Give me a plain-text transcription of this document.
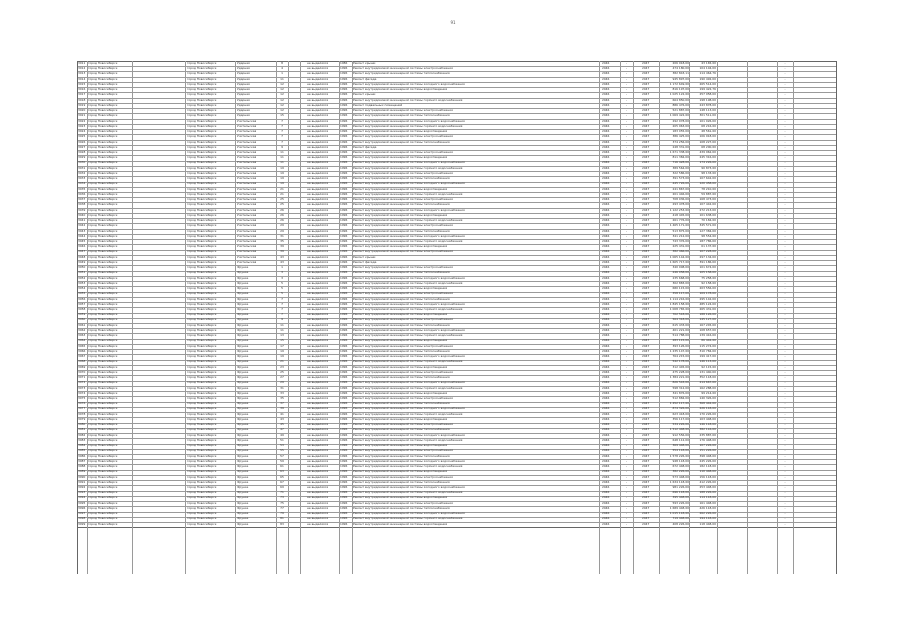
91
3011 город Новосибирск	город Новосибирск	Ударная	8	не выделялся	1986	Ремонт крыши	2046	-	2047	206 918,00	43 165,00	-
3012 город Новосибирск	город Новосибирск	Ударная	4	не выделялся	1996	Ремонт внутридомовой инженерной системы электроснабжения	2046	-	2047	474 180,00	104 104,00	-
3013 город Новосибирск	город Новосибирск	Ударная	1	не выделялся	1996	Ремонт внутридомовой инженерной системы теплоснабжения	2046	-	2047	382 843,11	114 464,76	-
3014 город Новосибирск	город Новосибирск	Ударная	11	не выделялся	1996	Ремонт фасада	2046	-	2047	945 897,00	190 492,00	-
3015 город Новосибирск	город Новосибирск	Ударная	12	не выделялся	1996	Ремонт внутридомовой инженерной системы холодного водоснабжения	2046	-	2047	1 172 649,00	265 514,00	-
3016 город Новосибирск	город Новосибирск	Ударная	12	не выделялся	1996	Ремонт внутридомовой инженерной системы водоотведения	2046	-	2047	816 197,00	199 422,76	-
3017 город Новосибирск	город Новосибирск	Ударная	12	не выделялся	1996	Ремонт крыши	2046	-	2047	1 025 122,00	257 958,00	-
3018 город Новосибирск	город Новосибирск	Ударная	12	не выделялся	1996	Ремонт внутридомовой инженерной системы горячего водоснабжения	2046	-	2047	664 850,00	198 198,00	-
3019 город Новосибирск	город Новосибирск	Ударная	12	не выделялся	1996	Ремонт подвальных помещений	2046	-	2047	886 476,00	243 878,00	-
3020 город Новосибирск	город Новосибирск	Ударная	12	не выделялся	1996	Ремонт внутридомовой инженерной системы электроснабжения	2046	-	2047	521 887,00	148 113,00	-
3021 город Новосибирск	город Новосибирск	Ударная	15	не выделялся	1996	Ремонт внутридомовой инженерной системы теплоснабжения	2046	-	2047	1 069 422,00	301 511,00	-
3022 город Новосибирск	город Новосибирск	Учительская	7	не выделялся	1996	Ремонт внутридомовой инженерной системы холодного водоснабжения	2046	-	2047	292 078,00	101 026,00	-
3023 город Новосибирск	город Новосибирск	Учительская	7	не выделялся	1996	Ремонт внутридомовой инженерной системы горячего водоснабжения	2046	-	2047	205 963,00	68 216,00	-
3024 город Новосибирск	город Новосибирск	Учительская	7	не выделялся	1996	Ремонт внутридомовой инженерной системы водоотведения	2046	-	2047	183 055,00	48 561,00	-
3025 город Новосибирск	город Новосибирск	Учительская	7	не выделялся	1996	Ремонт внутридомовой инженерной системы электроснабжения	2046	-	2047	386 425,00	106 918,00	-
3026 город Новосибирск	город Новосибирск	Учительская	7	не выделялся	1996	Ремонт внутридомовой инженерной системы теплоснабжения	2046	-	2047	374 256,00	108 227,00	-
3027 город Новосибирск	город Новосибирск	Учительская	9	не выделялся	1996	Ремонт фасада	2046	-	2047	248 331,00	68 200,00	-
3028 город Новосибирск	город Новосибирск	Учительская	11	не выделялся	1996	Ремонт внутридомовой инженерной системы электроснабжения	2046	-	2047	1 671 338,00	439 962,00	-
3029 город Новосибирск	город Новосибирск	Учительская	11	не выделялся	1996	Ремонт внутридомовой инженерной системы водоотведения	2046	-	2047	811 384,00	245 316,00	-
3030 город Новосибирск	город Новосибирск	Учительская	11	не выделялся	1996	Ремонт внутридомовой инженерной системы холодного водоснабжения	2046	-	2047	716 428,00	174 226,00	-
3031 город Новосибирск	город Новосибирск	Учительская	19	не выделялся	1996	Ремонт внутридомовой инженерной системы горячего водоснабжения	2046	-	2047	389 564,00	90 873,00	-
3032 город Новосибирск	город Новосибирск	Учительская	19	не выделялся	1996	Ремонт внутридомовой инженерной системы электроснабжения	2046	-	2047	322 586,00	98 133,00	-
3033 город Новосибирск	город Новосибирск	Учительская	19	не выделялся	1996	Ремонт внутридомовой инженерной системы теплоснабжения	2046	-	2047	391 573,00	107 642,00	-
3034 город Новосибирск	город Новосибирск	Учительская	19	не выделялся	1996	Ремонт внутридомовой инженерной системы холодного водоснабжения	2046	-	2047	445 726,00	120 458,00	-
3035 город Новосибирск	город Новосибирск	Учительская	21	не выделялся	1996	Ремонт внутридомовой инженерной системы водоотведения	2046	-	2047	241 867,00	78 210,00	-
3036 город Новосибирск	город Новосибирск	Учительская	21	не выделялся	1996	Ремонт внутридомовой инженерной системы горячего водоснабжения	2046	-	2047	201 446,00	59 887,00	-
3037 город Новосибирск	город Новосибирск	Учительская	25	не выделялся	1996	Ремонт внутридомовой инженерной системы электроснабжения	2046	-	2047	708 036,00	168 473,00	-
3038 город Новосибирск	город Новосибирск	Учительская	25	не выделялся	1996	Ремонт внутридомовой инженерной системы теплоснабжения	2046	-	2047	293 478,00	107 442,00	-
3039 город Новосибирск	город Новосибирск	Учительская	26	не выделялся	1996	Ремонт внутридомовой инженерной системы холодного водоснабжения	2046	-	2047	1 122 253,00	272 213,00	-
3040 город Новосибирск	город Новосибирск	Учительская	26	не выделялся	1996	Ремонт внутридомовой инженерной системы водоотведения	2046	-	2047	418 445,00	101 638,00	-
3041 город Новосибирск	город Новосибирск	Учительская	26	не выделялся	1996	Ремонт внутридомовой инженерной системы горячего водоснабжения	2046	-	2047	261 776,00	70 184,00	-
3042 город Новосибирск	город Новосибирск	Учительская	29	не выделялся	1996	Ремонт внутридомовой инженерной системы электроснабжения	2046	-	2047	1 465 171,00	345 571,00	-
3043 город Новосибирск	город Новосибирск	Учительская	29	не выделялся	1996	Ремонт внутридомовой инженерной системы теплоснабжения	2046	-	2047	513 875,00	127 384,00	-
3044 город Новосибирск	город Новосибирск	Учительская	31	не выделялся	1996	Ремонт внутридомовой инженерной системы холодного водоснабжения	2046	-	2047	341 212,00	98 554,00	-
3045 город Новосибирск	город Новосибирск	Учительская	35	не выделялся	1996	Ремонт внутридомовой инженерной системы горячего водоснабжения	2046	-	2047	743 376,00	187 786,00	-
3046 город Новосибирск	город Новосибирск	Учительская	39	не выделялся	1996	Ремонт внутридомовой инженерной системы водоотведения	2046	-	2047	225 431,00	61 137,00	-
3047 город Новосибирск	город Новосибирск	Учительская	39	не выделялся	1996	Ремонт внутридомовой инженерной системы электроснабжения	2046	-	2047	382 466,00	107 228,00	-
3048 город Новосибирск	город Новосибирск	Учительская	43	не выделялся	1996	Ремонт крыши	2046	-	2047	1 065 144,00	297 134,00	-
3049 город Новосибирск	город Новосибирск	Учительская	43	не выделялся	1996	Ремонт фасада	2046	-	2047	1 605 717,00	391 186,00	-
3050 город Новосибирск	город Новосибирск	Фрунзе	1	не выделялся	1996	Ремонт внутридомовой инженерной системы электроснабжения	2046	-	2047	340 008,00	101 674,00	-
3051 город Новосибирск	город Новосибирск	Фрунзе	3	не выделялся	1996	Ремонт внутридомовой инженерной системы теплоснабжения	2046	-	2047	246 058,00	105 158,00	-
3052 город Новосибирск	город Новосибирск	Фрунзе	3	не выделялся	1996	Ремонт внутридомовой инженерной системы холодного водоснабжения	2046	-	2047	235 668,00	75 258,00	-
3053 город Новосибирск	город Новосибирск	Фрунзе	5	не выделялся	1996	Ремонт внутридомовой инженерной системы горячего водоснабжения	2046	-	2047	302 883,00	92 158,00	-
3054 город Новосибирск	город Новосибирск	Фрунзе	5	не выделялся	1996	Ремонт внутридомовой инженерной системы водоотведения	2046	-	2047	680 115,00	203 556,00	-
3055 город Новосибирск	город Новосибирск	Фрунзе	5	не выделялся	1996	Ремонт внутридомовой инженерной системы электроснабжения	2046	-	2047	358 117,00	109 178,00	-
3056 город Новосибирск	город Новосибирск	Фрунзе	7	не выделялся	1996	Ремонт внутридомовой инженерной системы теплоснабжения	2046	-	2047	1 114 216,00	295 142,00	-
3057 город Новосибирск	город Новосибирск	Фрунзе	7	не выделялся	1996	Ремонт внутридомовой инженерной системы холодного водоснабжения	2046	-	2047	1 845 158,00	485 124,00	-
3058 город Новосибирск	город Новосибирск	Фрунзе	7	не выделялся	1996	Ремонт внутридомовой инженерной системы горячего водоснабжения	2046	-	2047	1 008 765,00	265 431,00	-
3059 город Новосибирск	город Новосибирск	Фрунзе	7	не выделялся	1996	Ремонт внутридомовой инженерной системы водоотведения	2046	-	2047	702 518,00	188 126,00	-
3060 город Новосибирск	город Новосибирск	Фрунзе	9	не выделялся	1996	Ремонт внутридомовой инженерной системы электроснабжения	2046	-	2047	564 318,00	145 127,00	-
3061 город Новосибирск	город Новосибирск	Фрунзе	11	не выделялся	1996	Ремонт внутридомовой инженерной системы теплоснабжения	2046	-	2047	615 433,00	167 245,00	-
3062 город Новосибирск	город Новосибирск	Фрунзе	11	не выделялся	1996	Ремонт внутридомовой инженерной системы холодного водоснабжения	2046	-	2047	401 221,00	108 657,00	-
3063 город Новосибирск	город Новосибирск	Фрунзе	13	не выделялся	1996	Ремонт внутридомовой инженерной системы горячего водоснабжения	2046	-	2047	514 788,00	139 416,00	-
3064 город Новосибирск	город Новосибирск	Фрунзе	15	не выделялся	1996	Ремонт внутридомовой инженерной системы водоотведения	2046	-	2047	283 115,00	86 442,00	-
3065 город Новосибирск	город Новосибирск	Фрунзе	17	не выделялся	1996	Ремонт внутридомовой инженерной системы электроснабжения	2046	-	2047	393 126,00	115 274,00	-
3066 город Новосибирск	город Новосибирск	Фрунзе	19	не выделялся	1996	Ремонт внутридомовой инженерной системы теплоснабжения	2046	-	2047	1 235 147,00	310 784,00	-
3067 город Новосибирск	город Новосибирск	Фрунзе	19	не выделялся	1996	Ремонт внутридомовой инженерной системы холодного водоснабжения	2046	-	2047	764 215,00	199 417,00	-
3068 город Новосибирск	город Новосибирск	Фрунзе	21	не выделялся	1996	Ремонт внутридомовой инженерной системы горячего водоснабжения	2046	-	2047	542 178,00	146 113,00	-
3069 город Новосибирск	город Новосибирск	Фрунзе	23	не выделялся	1996	Ремонт внутридомовой инженерной системы водоотведения	2046	-	2047	312 445,00	92 115,00	-
3070 город Новосибирск	город Новосибирск	Фрунзе	25	не выделялся	1996	Ремонт внутридомовой инженерной системы электроснабжения	2046	-	2047	475 228,00	131 440,00	-
3071 город Новосибирск	город Новосибирск	Фрунзе	27	не выделялся	1996	Ремонт внутридомовой инженерной системы теплоснабжения	2046	-	2047	1 384 221,00	352 118,00	-
3072 город Новосибирск	город Новосибирск	Фрунзе	29	не выделялся	1996	Ремонт внутридомовой инженерной системы холодного водоснабжения	2046	-	2047	826 543,00	214 667,00	-
3073 город Новосибирск	город Новосибирск	Фрунзе	31	не выделялся	1996	Ремонт внутридомовой инженерной системы горячего водоснабжения	2046	-	2047	598 312,00	162 288,00	-
3074 город Новосибирск	город Новосибирск	Фрунзе	33	не выделялся	1996	Ремонт внутридомовой инженерной системы водоотведения	2046	-	2047	341 876,00	99 214,00	-
3075 город Новосибирск	город Новосибирск	Фрунзе	35	не выделялся	1996	Ремонт внутридомовой инженерной системы электроснабжения	2046	-	2047	512 884,00	140 326,00	-
3076 город Новосибирск	город Новосибирск	Фрунзе	37	не выделялся	1996	Ремонт внутридомовой инженерной системы теплоснабжения	2046	-	2047	1 452 117,00	368 442,00	-
3077 город Новосибирск	город Новосибирск	Фрунзе	39	не выделялся	1996	Ремонт внутридомовой инженерной системы холодного водоснабжения	2046	-	2047	874 326,00	226 118,00	-
3078 город Новосибирск	город Новосибирск	Фрунзе	41	не выделялся	1996	Ремонт внутридомовой инженерной системы горячего водоснабжения	2046	-	2047	623 418,00	170 226,00	-
3079 город Новосибирск	город Новосибирск	Фрунзе	43	не выделялся	1996	Ремонт внутридомовой инженерной системы водоотведения	2046	-	2047	356 117,00	103 448,00	-
3080 город Новосибирск	город Новосибирск	Фрунзе	45	не выделялся	1996	Ремонт внутридомовой инженерной системы электроснабжения	2046	-	2047	534 226,00	146 118,00	-
3081 город Новосибирск	город Новосибирск	Фрунзе	47	не выделялся	1996	Ремонт внутридомовой инженерной системы теплоснабжения	2046	-	2047	1 512 448,00	382 116,00	-
3082 город Новосибирск	город Новосибирск	Фрунзе	49	не выделялся	1996	Ремонт внутридомовой инженерной системы холодного водоснабжения	2046	-	2047	912 556,00	235 887,00	-
3083 город Новосибирск	город Новосибирск	Фрунзе	51	не выделялся	1996	Ремонт внутридомовой инженерной системы горячего водоснабжения	2046	-	2047	648 112,00	176 448,00	-
3084 город Новосибирск	город Новосибирск	Фрунзе	53	не выделялся	1996	Ремонт внутридомовой инженерной системы водоотведения	2046	-	2047	369 448,00	107 226,00	-
3085 город Новосибирск	город Новосибирск	Фрунзе	55	не выделялся	1996	Ремонт внутридомовой инженерной системы электроснабжения	2046	-	2047	554 118,00	151 226,00	-
3086 город Новосибирск	город Новосибирск	Фрунзе	57	не выделялся	1996	Ремонт внутридомовой инженерной системы теплоснабжения	2046	-	2047	1 578 226,00	398 448,00	-
3087 город Новосибирск	город Новосибирск	Фрунзе	59	не выделялся	1996	Ремонт внутридомовой инженерной системы холодного водоснабжения	2046	-	2047	948 118,00	245 226,00	-
3088 город Новосибирск	город Новосибирск	Фрунзе	61	не выделялся	1996	Ремонт внутридомовой инженерной системы горячего водоснабжения	2046	-	2047	672 448,00	182 118,00	-
3089 город Новосибирск	город Новосибирск	Фрунзе	63	не выделялся	1996	Ремонт внутридомовой инженерной системы водоотведения	2046	-	2047	382 226,00	110 448,00	-
3090 город Новосибирск	город Новосибирск	Фрунзе	65	не выделялся	1996	Ремонт внутридомовой инженерной системы электроснабжения	2046	-	2047	573 448,00	156 118,00	-
3091 город Новосибирск	город Новосибирск	Фрунзе	67	не выделялся	1996	Ремонт внутридомовой инженерной системы теплоснабжения	2046	-	2047	1 634 118,00	412 226,00	-
3092 город Новосибирск	город Новосибирск	Фрунзе	69	не выделялся	1996	Ремонт внутридомовой инженерной системы холодного водоснабжения	2046	-	2047	981 226,00	253 448,00	-
3093 город Новосибирск	город Новосибирск	Фрунзе	71	не выделялся	1996	Ремонт внутридомовой инженерной системы горячего водоснабжения	2046	-	2047	696 118,00	188 226,00	-
3094 город Новосибирск	город Новосибирск	Фрунзе	73	не выделялся	1996	Ремонт внутридомовой инженерной системы водоотведения	2046	-	2047	395 448,00	114 118,00	-
3095 город Новосибирск	город Новосибирск	Фрунзе	75	не выделялся	1996	Ремонт внутридомовой инженерной системы электроснабжения	2046	-	2047	593 226,00	161 448,00	-
3096 город Новосибирск	город Новосибирск	Фрунзе	77	не выделялся	1996	Ремонт внутридомовой инженерной системы теплоснабжения	2046	-	2047	1 689 448,00	426 118,00	-
3097 город Новосибирск	город Новосибирск	Фрунзе	79	не выделялся	1996	Ремонт внутридомовой инженерной системы холодного водоснабжения	2046	-	2047	1 015 118,00	262 226,00	-
3098 город Новосибирск	город Новосибирск	Фрунзе	81	не выделялся	1996	Ремонт внутридомовой инженерной системы горячего водоснабжения	2046	-	2047	719 448,00	194 118,00	-
3099 город Новосибирск	город Новосибирск	Фрунзе	83	не выделялся	1996	Ремонт внутридомовой инженерной системы водоотведения	2046	-	2047	408 226,00	118 448,00	-
